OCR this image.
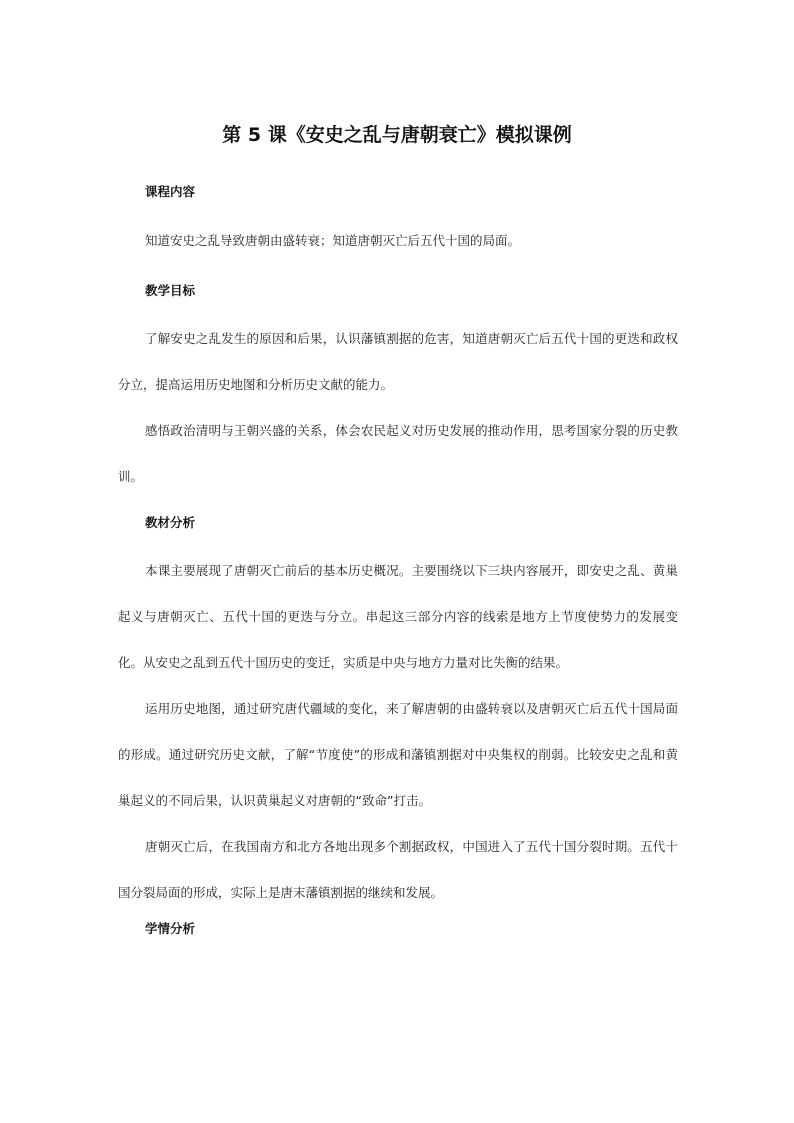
第 5 课《安史之乱与唐朝衰亡》模拟课例
课程内容
知道安史之乱导致唐朝由盛转衰；知道唐朝灭亡后五代十国的局面。
教学目标
了解安史之乱发生的原因和后果，认识藩镇割据的危害，知道唐朝灭亡后五代十国的更迭和政权分立，提高运用历史地图和分析历史文献的能力。
感悟政治清明与王朝兴盛的关系，体会农民起义对历史发展的推动作用，思考国家分裂的历史教训。
教材分析
本课主要展现了唐朝灭亡前后的基本历史概况。主要围绕以下三块内容展开，即安史之乱、黄巢起义与唐朝灭亡、五代十国的更迭与分立。串起这三部分内容的线索是地方上节度使势力的发展变化。从安史之乱到五代十国历史的变迁，实质是中央与地方力量对比失衡的结果。
运用历史地图，通过研究唐代疆域的变化，来了解唐朝的由盛转衰以及唐朝灭亡后五代十国局面的形成。通过研究历史文献，了解“节度使”的形成和藩镇割据对中央集权的削弱。比较安史之乱和黄巢起义的不同后果，认识黄巢起义对唐朝的“致命”打击。
唐朝灭亡后，在我国南方和北方各地出现多个割据政权，中国进入了五代十国分裂时期。五代十国分裂局面的形成，实际上是唐末藩镇割据的继续和发展。
学情分析
